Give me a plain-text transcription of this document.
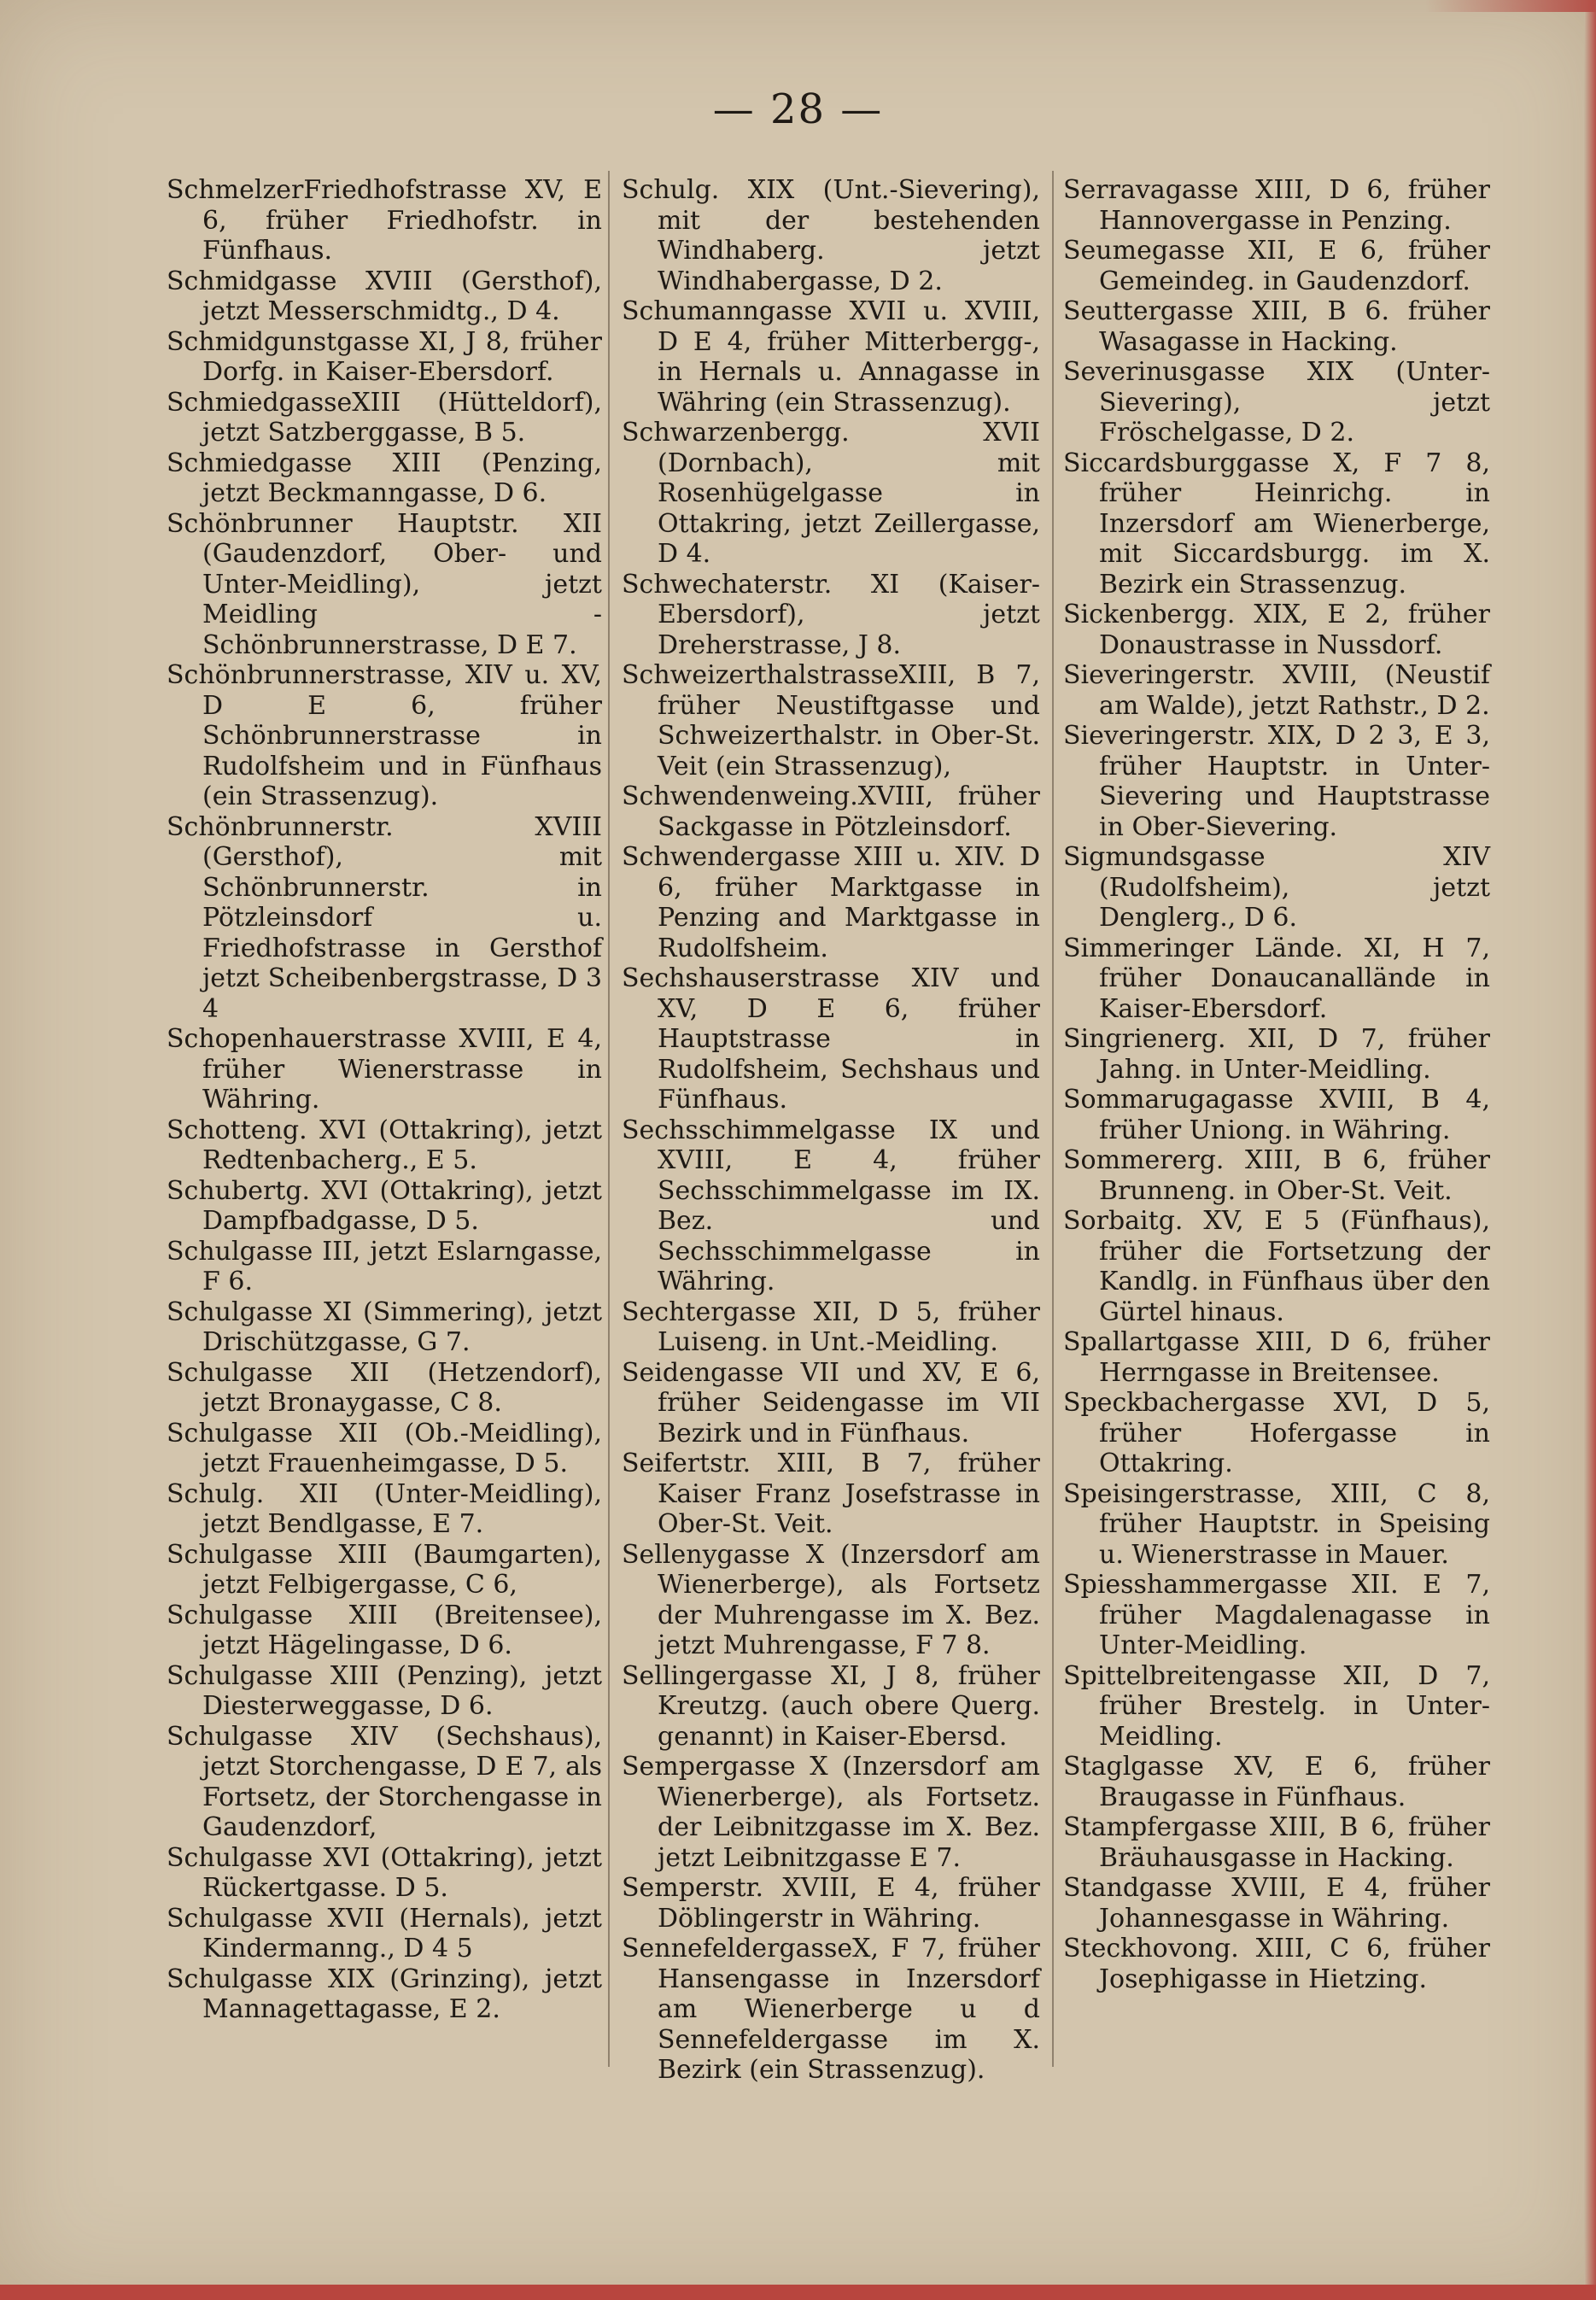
— 28 —

SchmelzerFriedhofstrasse XV, E 6, früher Friedhofstr. in Fünfhaus.

Schmidgasse XVIII (Gersthof), jetzt Messerschmidtg., D 4.

Schmidgunstgasse XI, J 8, früher Dorfg. in Kaiser-Ebersdorf.

SchmiedgasseXIII (Hütteldorf), jetzt Satzberggasse, B 5.

Schmiedgasse XIII (Penzing, jetzt Beckmanngasse, D 6.

Schönbrunner Hauptstr. XII (Gaudenzdorf, Ober- und Unter-Meidling), jetzt Meidling - Schönbrunnerstrasse, D E 7.

Schönbrunnerstrasse, XIV u. XV, D E 6, früher Schönbrunnerstrasse in Rudolfsheim und in Fünfhaus (ein Strassenzug).

Schönbrunnerstr. XVIII (Gersthof), mit Schönbrunnerstr. in Pötzleinsdorf u. Friedhofstrasse in Gersthof jetzt Scheibenbergstrasse, D 3 4

Schopenhauerstrasse XVIII, E 4, früher Wienerstrasse in Währing.

Schotteng. XVI (Ottakring), jetzt Redtenbacherg., E 5.

Schubertg. XVI (Ottakring), jetzt Dampfbadgasse, D 5.

Schulgasse III, jetzt Eslarngasse, F 6.

Schulgasse XI (Simmering), jetzt Drischützgasse, G 7.

Schulgasse XII (Hetzendorf), jetzt Bronaygasse, C 8.

Schulgasse XII (Ob.-Meidling), jetzt Frauenheimgasse, D 5.

Schulg. XII (Unter-Meidling), jetzt Bendlgasse, E 7.

Schulgasse XIII (Baumgarten), jetzt Felbigergasse, C 6,

Schulgasse XIII (Breitensee), jetzt Hägelingasse, D 6.

Schulgasse XIII (Penzing), jetzt Diesterweggasse, D 6.

Schulgasse XIV (Sechshaus), jetzt Storchengasse, D E 7, als Fortsetz, der Storchengasse in Gaudenzdorf,

Schulgasse XVI (Ottakring), jetzt Rückertgasse. D 5.

Schulgasse XVII (Hernals), jetzt Kindermanng., D 4 5

Schulgasse XIX (Grinzing), jetzt Mannagettagasse, E 2.

Schulg. XIX (Unt.-Sievering), mit der bestehenden Windhaberg. jetzt Windhabergasse, D 2.

Schumanngasse XVII u. XVIII, D E 4, früher Mitterbergg-, in Hernals u. Annagasse in Währing (ein Strassenzug).

Schwarzenbergg. XVII (Dornbach), mit Rosenhügelgasse in Ottakring, jetzt Zeillergasse, D 4.

Schwechaterstr. XI (Kaiser-Ebersdorf), jetzt Dreherstrasse, J 8.

SchweizerthalstrasseXIII, B 7, früher Neustiftgasse und Schweizerthalstr. in Ober-St. Veit (ein Strassenzug),

Schwendenweing.XVIII, früher Sackgasse in Pötzleinsdorf.

Schwendergasse XIII u. XIV. D 6, früher Marktgasse in Penzing and Marktgasse in Rudolfsheim.

Sechshauserstrasse XIV und XV, D E 6, früher Hauptstrasse in Rudolfsheim, Sechshaus und Fünfhaus.

Sechsschimmelgasse IX und XVIII, E 4, früher Sechsschimmelgasse im IX. Bez. und Sechsschimmelgasse in Währing.

Sechtergasse XII, D 5, früher Luiseng. in Unt.-Meidling.

Seidengasse VII und XV, E 6, früher Seidengasse im VII Bezirk und in Fünfhaus.

Seifertstr. XIII, B 7, früher Kaiser Franz Josefstrasse in Ober-St. Veit.

Sellenygasse X (Inzersdorf am Wienerberge), als Fortsetz der Muhrengasse im X. Bez. jetzt Muhrengasse, F 7 8.

Sellingergasse XI, J 8, früher Kreutzg. (auch obere Querg. genannt) in Kaiser-Ebersd.

Sempergasse X (Inzersdorf am Wienerberge), als Fortsetz. der Leibnitzgasse im X. Bez. jetzt Leibnitzgasse E 7.

Semperstr. XVIII, E 4, früher Döblingerstr in Währing.

SennefeldergasseX, F 7, früher Hansengasse in Inzersdorf am Wienerberge u d Sennefeldergasse im X. Bezirk (ein Strassenzug).

Serravagasse XIII, D 6, früher Hannovergasse in Penzing.

Seumegasse XII, E 6, früher Gemeindeg. in Gaudenzdorf.

Seuttergasse XIII, B 6. früher Wasagasse in Hacking.

Severinusgasse XIX (Unter-Sievering), jetzt Fröschelgasse, D 2.

Siccardsburggasse X, F 7 8, früher Heinrichg. in Inzersdorf am Wienerberge, mit Siccardsburgg. im X. Bezirk ein Strassenzug.

Sickenbergg. XIX, E 2, früher Donaustrasse in Nussdorf.

Sieveringerstr. XVIII, (Neustif am Walde), jetzt Rathstr., D 2.

Sieveringerstr. XIX, D 2 3, E 3, früher Hauptstr. in Unter-Sievering und Hauptstrasse in Ober-Sievering.

Sigmundsgasse XIV (Rudolfsheim), jetzt Denglerg., D 6.

Simmeringer Lände. XI, H 7, früher Donaucanallände in Kaiser-Ebersdorf.

Singrienerg. XII, D 7, früher Jahng. in Unter-Meidling.

Sommarugagasse XVIII, B 4, früher Uniong. in Währing.

Sommererg. XIII, B 6, früher Brunneng. in Ober-St. Veit.

Sorbaitg. XV, E 5 (Fünfhaus), früher die Fortsetzung der Kandlg. in Fünfhaus über den Gürtel hinaus.

Spallartgasse XIII, D 6, früher Herrngasse in Breitensee.

Speckbachergasse XVI, D 5, früher Hofergasse in Ottakring.

Speisingerstrasse, XIII, C 8, früher Hauptstr. in Speising u. Wienerstrasse in Mauer.

Spiesshammergasse XII. E 7, früher Magdalenagasse in Unter-Meidling.

Spittelbreitengasse XII, D 7, früher Brestelg. in Unter-Meidling.

Staglgasse XV, E 6, früher Braugasse in Fünfhaus.

Stampfergasse XIII, B 6, früher Bräuhausgasse in Hacking.

Standgasse XVIII, E 4, früher Johannesgasse in Währing.

Steckhovong. XIII, C 6, früher Josephigasse in Hietzing.
